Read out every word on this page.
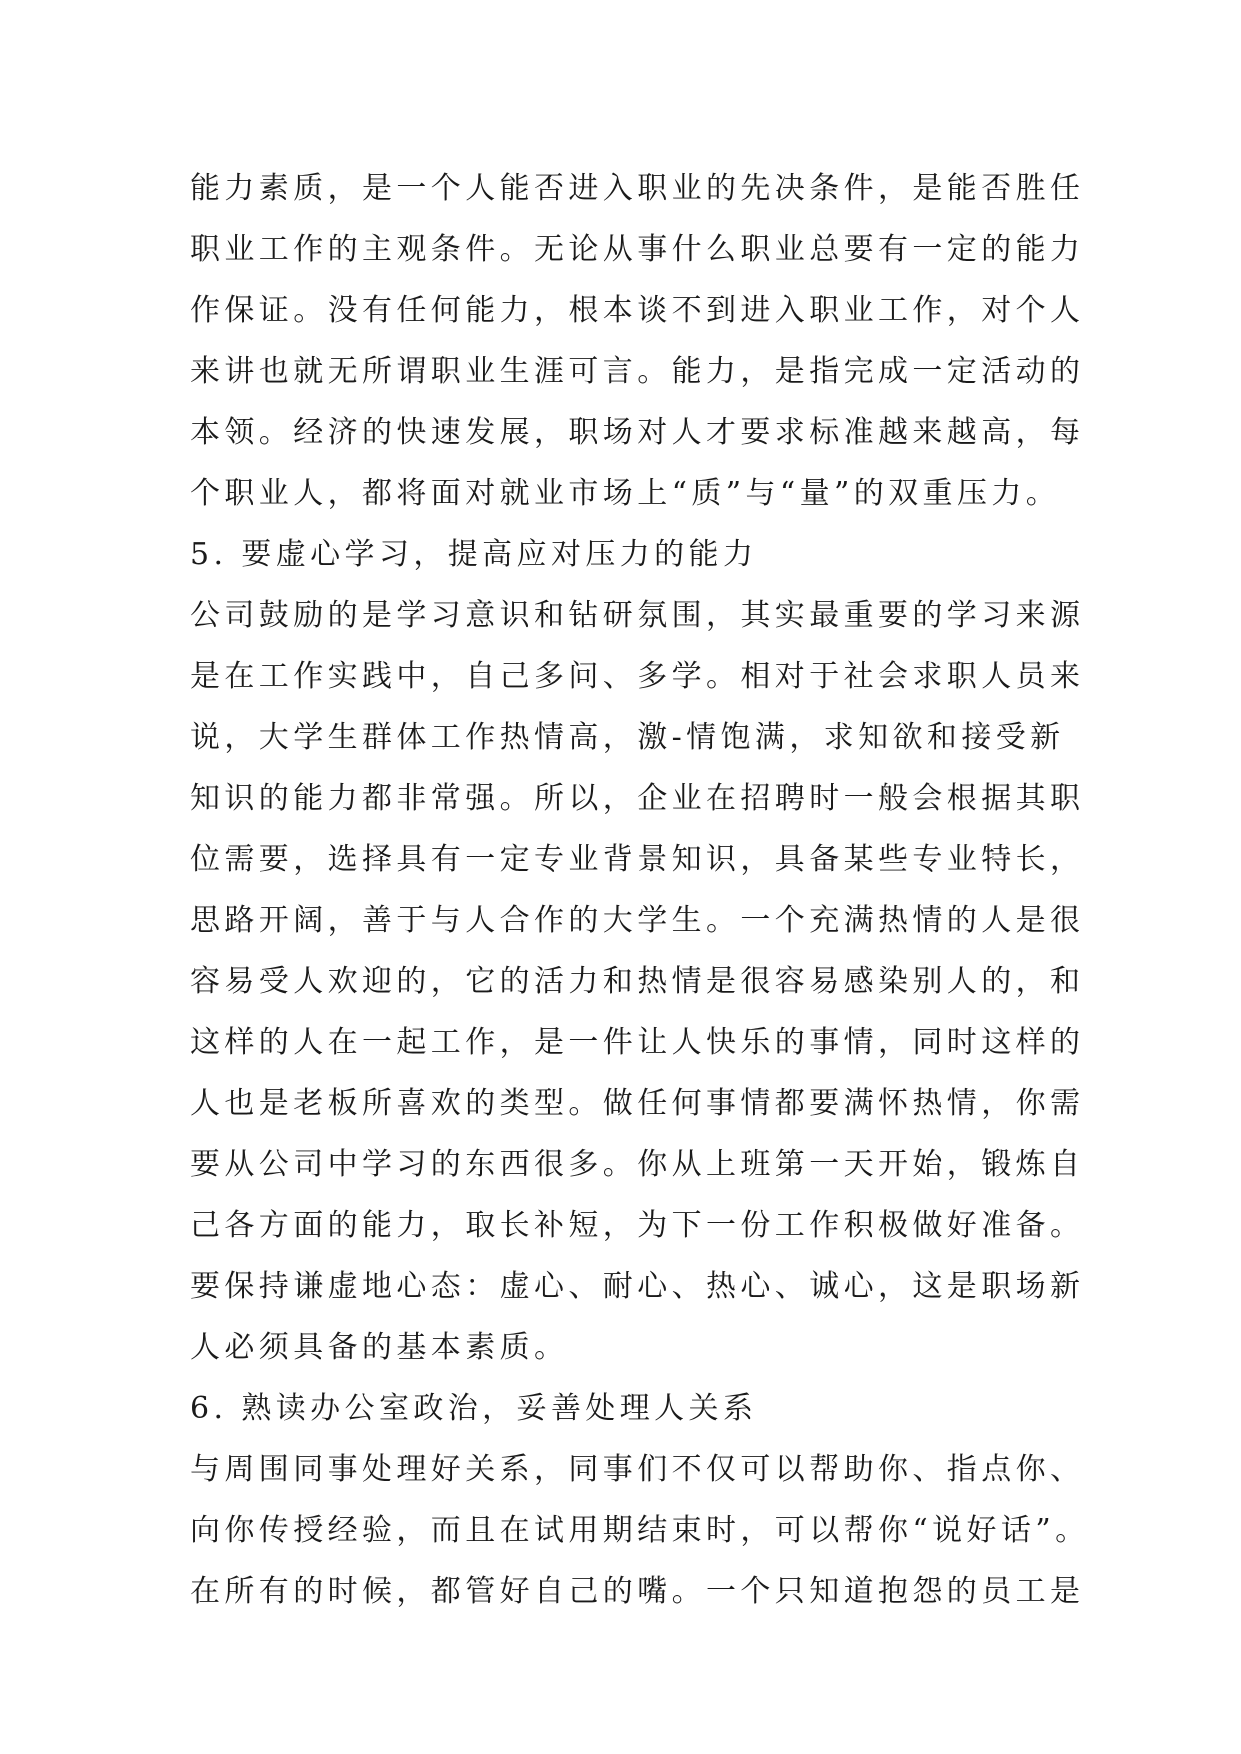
能力素质，是一个人能否进入职业的先决条件，是能否胜任
职业工作的主观条件。无论从事什么职业总要有一定的能力
作保证。没有任何能力，根本谈不到进入职业工作，对个人
来讲也就无所谓职业生涯可言。能力，是指完成一定活动的
本领。经济的快速发展，职场对人才要求标准越来越高，每
个职业人，都将面对就业市场上“质”与“量”的双重压力。
5. 要虚心学习，提高应对压力的能力
公司鼓励的是学习意识和钻研氛围，其实最重要的学习来源
是在工作实践中，自己多问、多学。相对于社会求职人员来
说，大学生群体工作热情高，激-情饱满，求知欲和接受新
知识的能力都非常强。所以，企业在招聘时一般会根据其职
位需要，选择具有一定专业背景知识，具备某些专业特长，
思路开阔，善于与人合作的大学生。一个充满热情的人是很
容易受人欢迎的，它的活力和热情是很容易感染别人的，和
这样的人在一起工作，是一件让人快乐的事情，同时这样的
人也是老板所喜欢的类型。做任何事情都要满怀热情，你需
要从公司中学习的东西很多。你从上班第一天开始，锻炼自
己各方面的能力，取长补短，为下一份工作积极做好准备。
要保持谦虚地心态：虚心、耐心、热心、诚心，这是职场新
人必须具备的基本素质。
6. 熟读办公室政治，妥善处理人关系
与周围同事处理好关系，同事们不仅可以帮助你、指点你、
向你传授经验，而且在试用期结束时，可以帮你“说好话”。
在所有的时候，都管好自己的嘴。一个只知道抱怨的员工是
